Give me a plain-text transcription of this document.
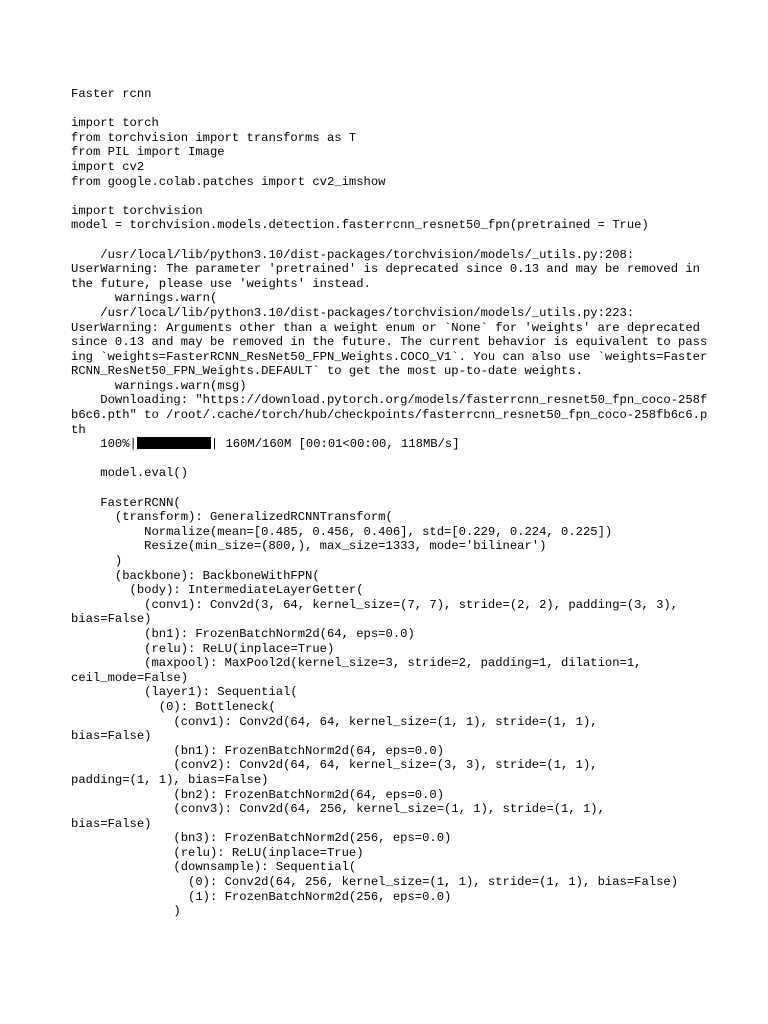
Faster rcnn
import torch
from torchvision import transforms as T
from PIL import Image
import cv2
from google.colab.patches import cv2_imshow
import torchvision
model = torchvision.models.detection.fasterrcnn_resnet50_fpn(pretrained = True)
/usr/local/lib/python3.10/dist-packages/torchvision/models/_utils.py:208:
UserWarning: The parameter 'pretrained' is deprecated since 0.13 and may be removed in the future, please use 'weights' instead.
warnings.warn(
/usr/local/lib/python3.10/dist-packages/torchvision/models/_utils.py:223:
UserWarning: Arguments other than a weight enum or `None` for 'weights' are deprecated since 0.13 and may be removed in the future. The current behavior is equivalent to passing `weights=FasterRCNN_ResNet50_FPN_Weights.COCO_V1`. You can also use `weights=FasterRCNN_ResNet50_FPN_Weights.DEFAULT` to get the most up-to-date weights.
warnings.warn(msg)
Downloading: "https://download.pytorch.org/models/fasterrcnn_resnet50_fpn_coco-258fb6c6.pth" to /root/.cache/torch/hub/checkpoints/fasterrcnn_resnet50_fpn_coco-258fb6c6.pth
100%|	| 160M/160M [00:01<00:00, 118MB/s]
model.eval()
FasterRCNN(
(transform): GeneralizedRCNNTransform(
Normalize(mean=[0.485, 0.456, 0.406], std=[0.229, 0.224, 0.225])
Resize(min_size=(800,), max_size=1333, mode='bilinear')
)
(backbone): BackboneWithFPN(
(body): IntermediateLayerGetter(
(conv1): Conv2d(3, 64, kernel_size=(7, 7), stride=(2, 2), padding=(3, 3),
bias=False)
(bn1): FrozenBatchNorm2d(64, eps=0.0)
(relu): ReLU(inplace=True)
(maxpool): MaxPool2d(kernel_size=3, stride=2, padding=1, dilation=1,
ceil_mode=False)
(layer1): Sequential(
(0): Bottleneck(
(conv1): Conv2d(64, 64, kernel_size=(1, 1), stride=(1, 1),
bias=False)
(bn1): FrozenBatchNorm2d(64, eps=0.0)
(conv2): Conv2d(64, 64, kernel_size=(3, 3), stride=(1, 1),
padding=(1, 1), bias=False)
(bn2): FrozenBatchNorm2d(64, eps=0.0)
(conv3): Conv2d(64, 256, kernel_size=(1, 1), stride=(1, 1),
bias=False)
(bn3): FrozenBatchNorm2d(256, eps=0.0)
(relu): ReLU(inplace=True)
(downsample): Sequential(
(0): Conv2d(64, 256, kernel_size=(1, 1), stride=(1, 1), bias=False)
(1): FrozenBatchNorm2d(256, eps=0.0)
)
